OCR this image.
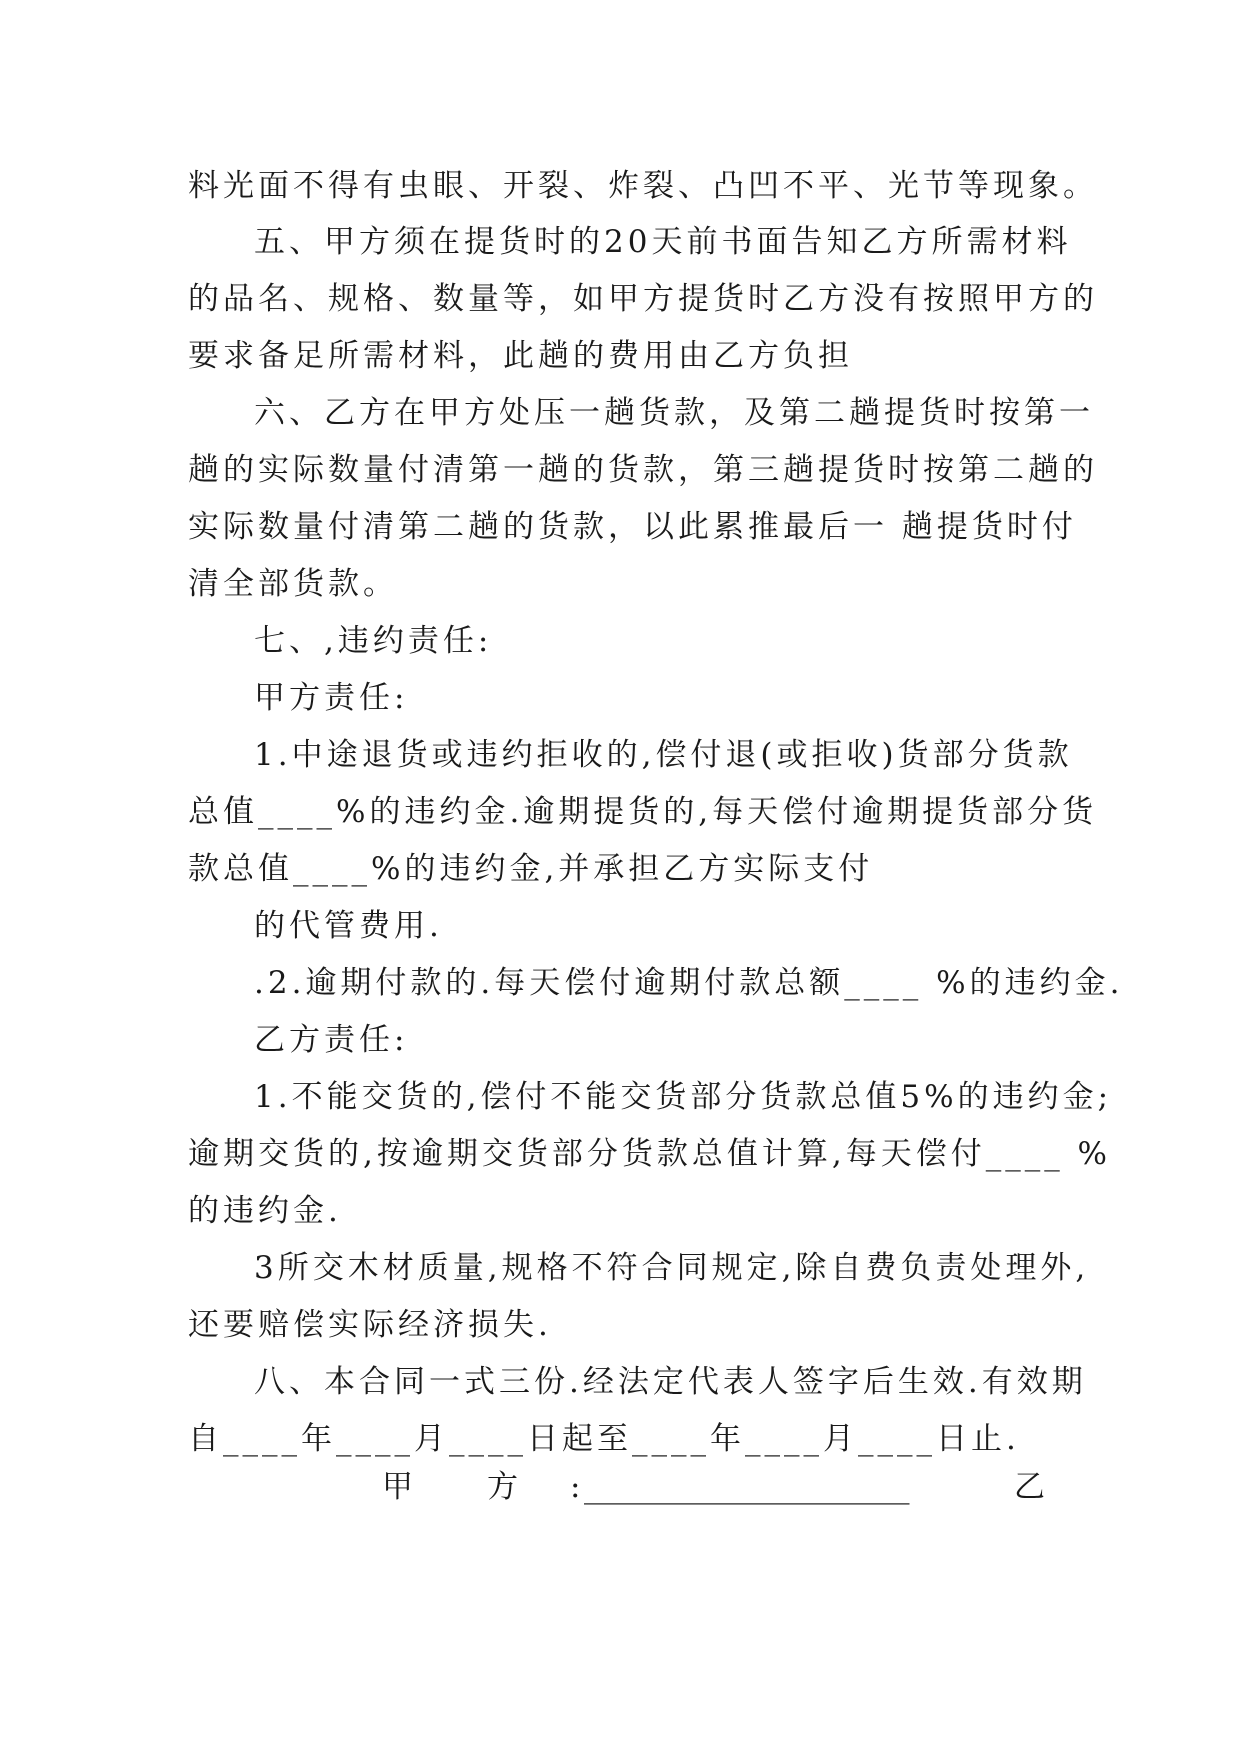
料光面不得有虫眼、开裂、炸裂、凸凹不平、光节等现象。
五、甲方须在提货时的20天前书面告知乙方所需材料
的品名、规格、数量等，如甲方提货时乙方没有按照甲方的
要求备足所需材料，此趟的费用由乙方负担
六、乙方在甲方处压一趟货款，及第二趟提货时按第一
趟的实际数量付清第一趟的货款，第三趟提货时按第二趟的
实际数量付清第二趟的货款，以此累推最后一 趟提货时付
清全部货款。
七、,违约责任:
甲方责任:
1.中途退货或违约拒收的,偿付退(或拒收)货部分货款
总值____%的违约金.逾期提货的,每天偿付逾期提货部分货
款总值____%的违约金,并承担乙方实际支付
的代管费用.
.2.逾期付款的.每天偿付逾期付款总额____ %的违约金.
乙方责任:
1.不能交货的,偿付不能交货部分货款总值5%的违约金;
逾期交货的,按逾期交货部分货款总值计算,每天偿付____ %
的违约金.
3所交木材质量,规格不符合同规定,除自费负责处理外,
还要赔偿实际经济损失.
八、本合同一式三份.经法定代表人签字后生效.有效期
自____年____月____日起至____年____月____日止.
甲　　方 : _____________________	乙
